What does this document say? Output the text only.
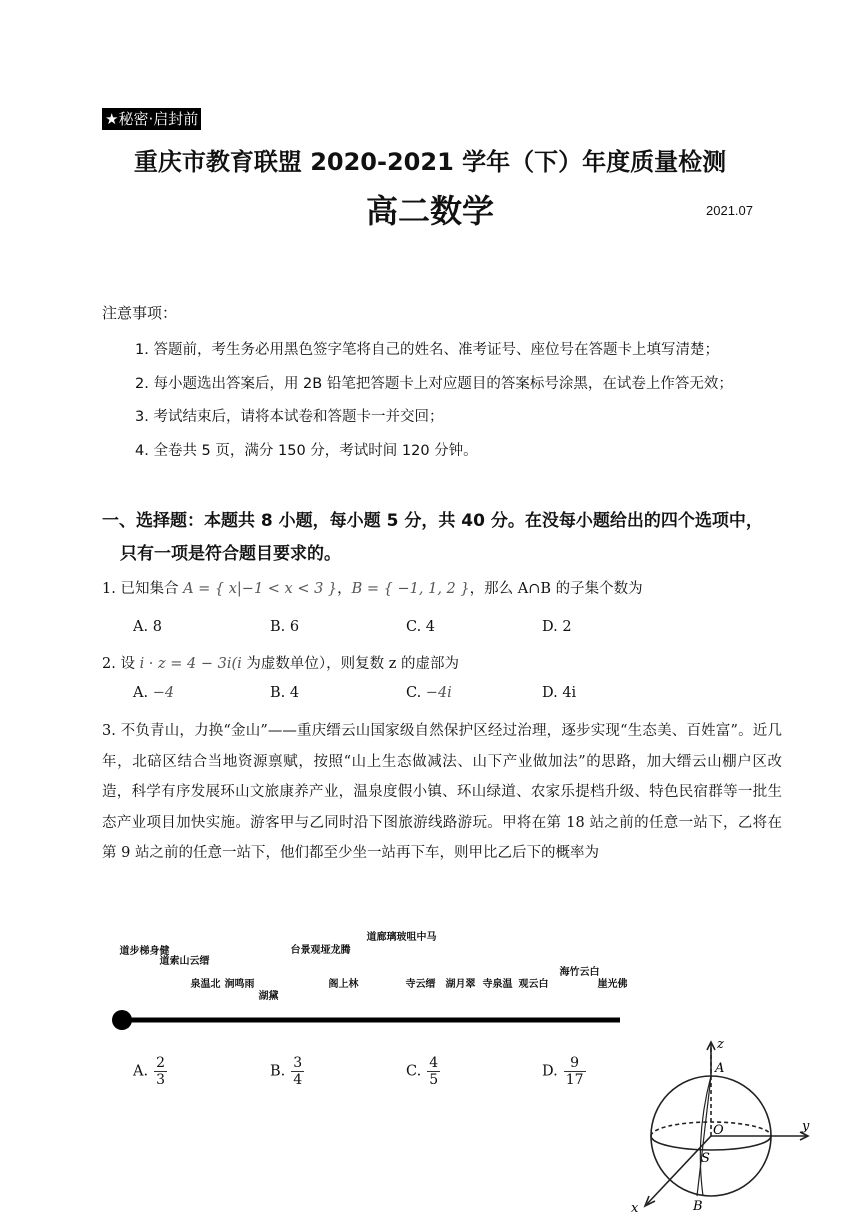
★秘密·启封前
重庆市教育联盟 2020-2021 学年（下）年度质量检测
高二数学	2021.07
注意事项：
1. 答题前，考生务必用黑色签字笔将自己的姓名、准考证号、座位号在答题卡上填写清楚；
2. 每小题选出答案后，用 2B 铅笔把答题卡上对应题目的答案标号涂黑，在试卷上作答无效；
3. 考试结束后，请将本试卷和答题卡一并交回；
4. 全卷共 5 页，满分 150 分，考试时间 120 分钟。
一、选择题：本题共 8 小题，每小题 5 分，共 40 分。在没每小题给出的四个选项中，
只有一项是符合题目要求的。
1. 已知集合 A = { x|−1 < x < 3 }，B = { −1, 1, 2 }，那么 A∩B 的子集个数为
A. 8	B. 6	C. 4	D. 2
2. 设 i · z = 4 − 3i(i 为虚数单位），则复数 z 的虚部为
A. −4	B. 4	C. −4i	D. 4i
3. 不负青山，力换“金山”——重庆缙云山国家级自然保护区经过治理，逐步实现“生态美、百姓富”。近几年，北碚区结合当地资源禀赋，按照“山上生态做减法、山下产业做加法”的思路，加大缙云山棚户区改造，科学有序发展环山文旅康养产业，温泉度假小镇、环山绿道、农家乐提档升级、特色民宿群等一批生态产业项目加快实施。游客甲与乙同时沿下图旅游线路游玩。甲将在第 18 站之前的任意一站下，乙将在第 9 站之前的任意一站下，他们都至少坐一站再下车，则甲比乙后下的概率为
健身梯步道
缙云山索道
北温泉	雨鸣涧
黛湖
腾龙垭观景台
林上阁
马中咀玻璃廊道
缙云寺	翠月湖	温泉寺	白云观
白云竹海
佛光崖
A. $\frac{2}{3}$	B. $\frac{3}{4}$	C. $\frac{4}{5}$	D. $\frac{9}{17}$
z
y
x
A
O
S
B
